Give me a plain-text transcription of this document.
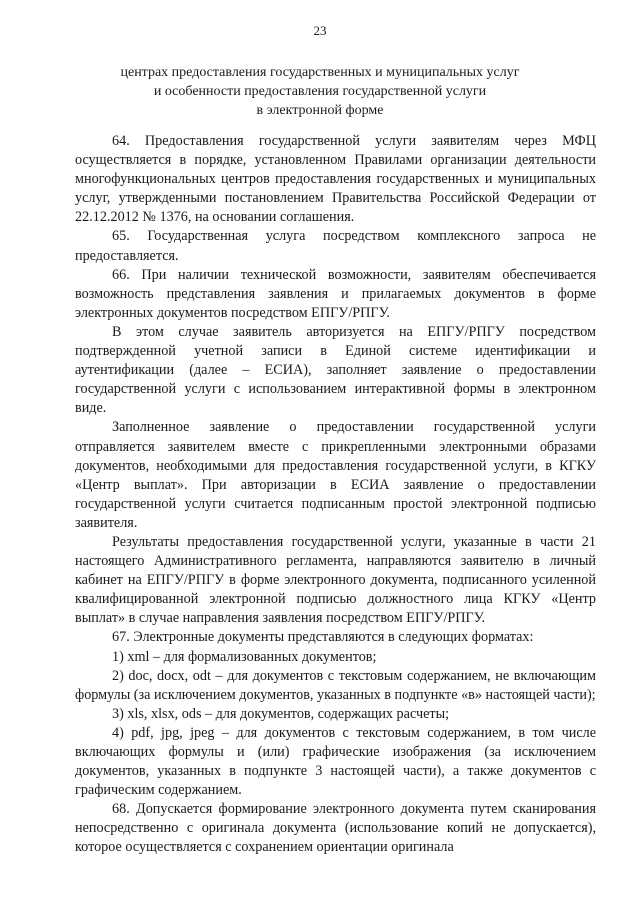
23
центрах предоставления государственных и муниципальных услуг
и особенности предоставления государственной услуги
в электронной форме

64. Предоставления государственной услуги заявителям через МФЦ осуществляется в порядке, установленном Правилами организации деятельности многофункциональных центров предоставления государственных и муниципальных услуг, утвержденными постановлением Правительства Российской Федерации от 22.12.2012 № 1376, на основании соглашения.

65. Государственная услуга посредством комплексного запроса не предоставляется.

66. При наличии технической возможности, заявителям обеспечивается возможность представления заявления и прилагаемых документов в форме электронных документов посредством ЕПГУ/РПГУ.

В этом случае заявитель авторизуется на ЕПГУ/РПГУ посредством подтвержденной учетной записи в Единой системе идентификации и аутентификации (далее – ЕСИА), заполняет заявление о предоставлении государственной услуги с использованием интерактивной формы в электронном виде.

Заполненное заявление о предоставлении государственной услуги отправляется заявителем вместе с прикрепленными электронными образами документов, необходимыми для предоставления государственной услуги, в КГКУ «Центр выплат». При авторизации в ЕСИА заявление о предоставлении государственной услуги считается подписанным простой электронной подписью заявителя.

Результаты предоставления государственной услуги, указанные в части 21 настоящего Административного регламента, направляются заявителю в личный кабинет на ЕПГУ/РПГУ в форме электронного документа, подписанного усиленной квалифицированной электронной подписью должностного лица КГКУ «Центр выплат» в случае направления заявления посредством ЕПГУ/РПГУ.

67. Электронные документы представляются в следующих форматах:

1) xml – для формализованных документов;

2) doc, docx, odt – для документов с текстовым содержанием, не включающим формулы (за исключением документов, указанных в подпункте «в» настоящей части);

3) xls, xlsx, ods – для документов, содержащих расчеты;

4) pdf, jpg, jpeg – для документов с текстовым содержанием, в том числе включающих формулы и (или) графические изображения (за исключением документов, указанных в подпункте 3 настоящей части), а также документов с графическим содержанием.

68. Допускается формирование электронного документа путем сканирования непосредственно с оригинала документа (использование копий не допускается), которое осуществляется с сохранением ориентации оригинала
